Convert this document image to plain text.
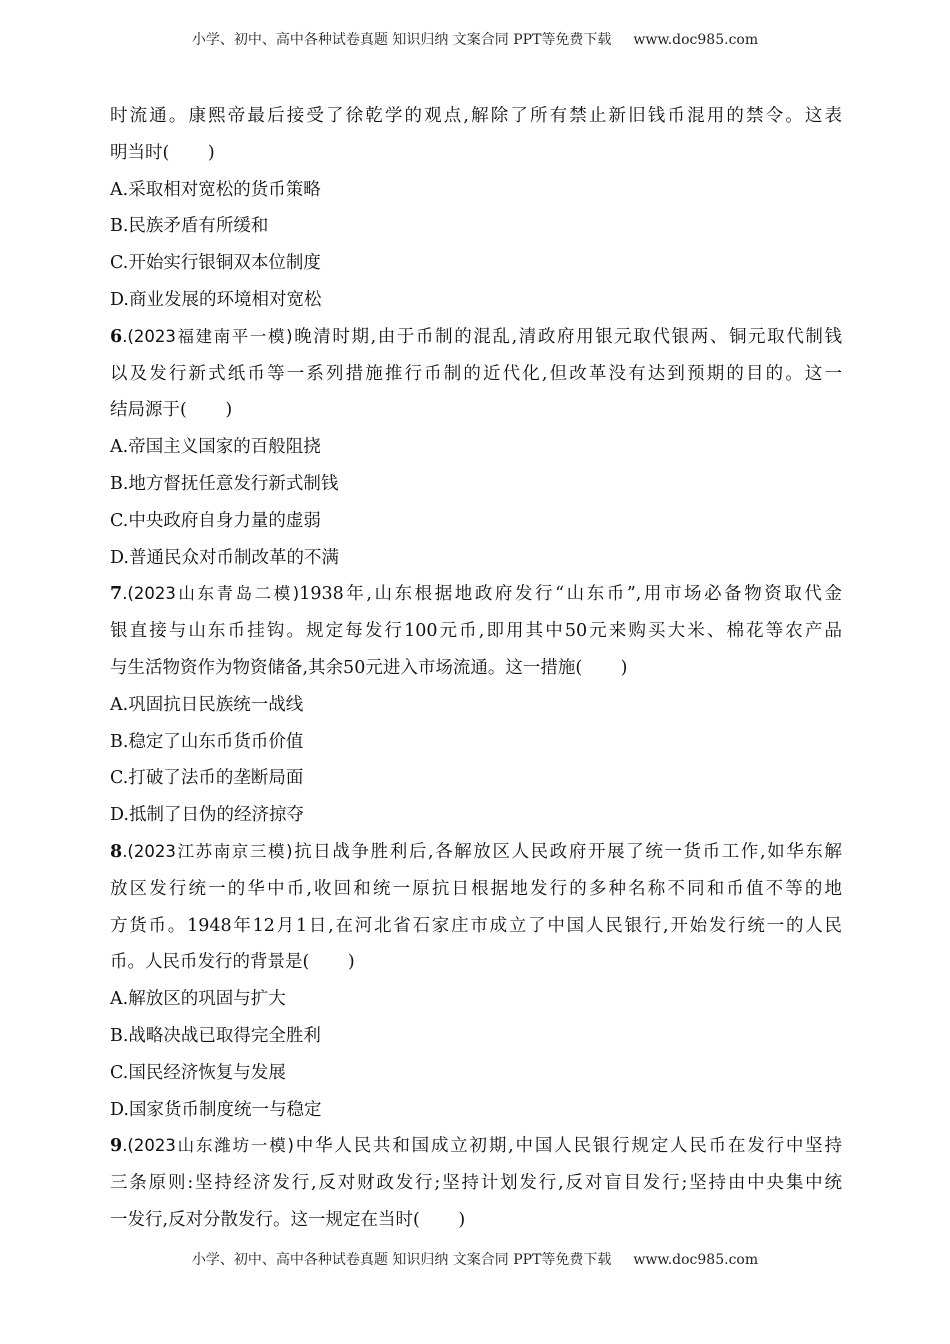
小学、初中、高中各种试卷真题 知识归纳 文案合同 PPT等免费下载 www.doc985.com
时流通。康熙帝最后接受了徐乾学的观点,解除了所有禁止新旧钱币混用的禁令。这表
明当时( )
A.采取相对宽松的货币策略
B.民族矛盾有所缓和
C.开始实行银铜双本位制度
D.商业发展的环境相对宽松
6.(2023福建南平一模)晚清时期,由于币制的混乱,清政府用银元取代银两、铜元取代制钱
以及发行新式纸币等一系列措施推行币制的近代化,但改革没有达到预期的目的。这一
结局源于( )
A.帝国主义国家的百般阻挠
B.地方督抚任意发行新式制钱
C.中央政府自身力量的虚弱
D.普通民众对币制改革的不满
7.(2023山东青岛二模)1938年,山东根据地政府发行“山东币”,用市场必备物资取代金
银直接与山东币挂钩。规定每发行100元币,即用其中50元来购买大米、棉花等农产品
与生活物资作为物资储备,其余50元进入市场流通。这一措施( )
A.巩固抗日民族统一战线
B.稳定了山东币货币价值
C.打破了法币的垄断局面
D.抵制了日伪的经济掠夺
8.(2023江苏南京三模)抗日战争胜利后,各解放区人民政府开展了统一货币工作,如华东解
放区发行统一的华中币,收回和统一原抗日根据地发行的多种名称不同和币值不等的地
方货币。1948年12月1日,在河北省石家庄市成立了中国人民银行,开始发行统一的人民
币。人民币发行的背景是( )
A.解放区的巩固与扩大
B.战略决战已取得完全胜利
C.国民经济恢复与发展
D.国家货币制度统一与稳定
9.(2023山东潍坊一模)中华人民共和国成立初期,中国人民银行规定人民币在发行中坚持
三条原则:坚持经济发行,反对财政发行;坚持计划发行,反对盲目发行;坚持由中央集中统
一发行,反对分散发行。这一规定在当时( )
小学、初中、高中各种试卷真题 知识归纳 文案合同 PPT等免费下载 www.doc985.com
